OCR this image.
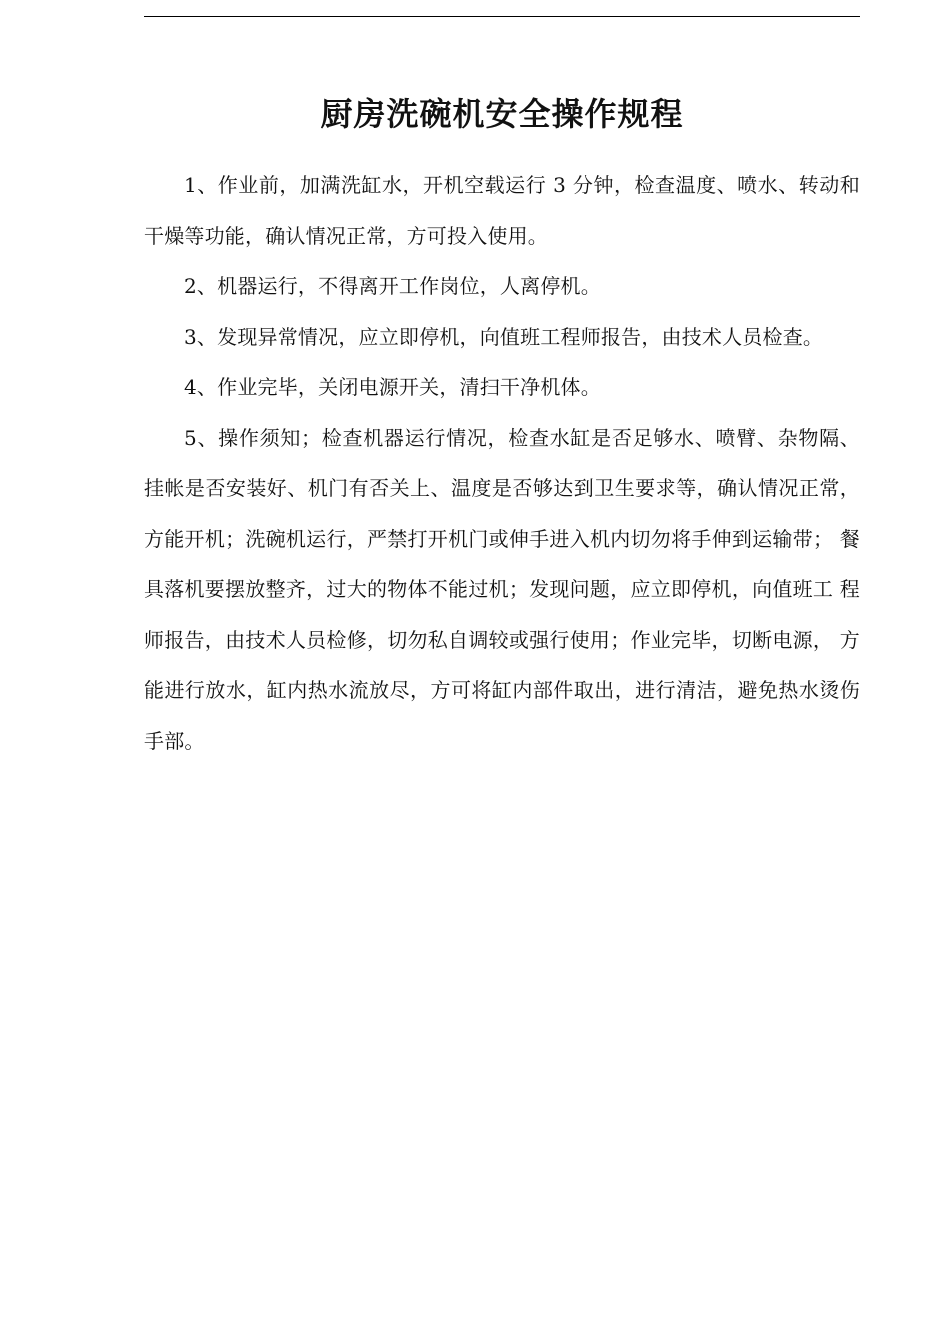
厨房洗碗机安全操作规程

1、作业前，加满洗缸水，开机空载运行 3 分钟，检查温度、喷水、转动和 干燥等功能，确认情况正常，方可投入使用。

2、机器运行，不得离开工作岗位，人离停机。

3、发现异常情况，应立即停机，向值班工程师报告，由技术人员检查。

4、作业完毕，关闭电源开关，清扫干净机体。

5、操作须知；检查机器运行情况，检查水缸是否足够水、喷臂、杂物隔、 挂帐是否安装好、机门有否关上、温度是否够达到卫生要求等，确认情况正常， 方能开机；洗碗机运行，严禁打开机门或伸手进入机内切勿将手伸到运输带； 餐具落机要摆放整齐，过大的物体不能过机；发现问题，应立即停机，向值班工 程师报告，由技术人员检修，切勿私自调较或强行使用；作业完毕，切断电源， 方能进行放水，缸内热水流放尽，方可将缸内部件取出，进行清洁，避免热水烫伤手部。
